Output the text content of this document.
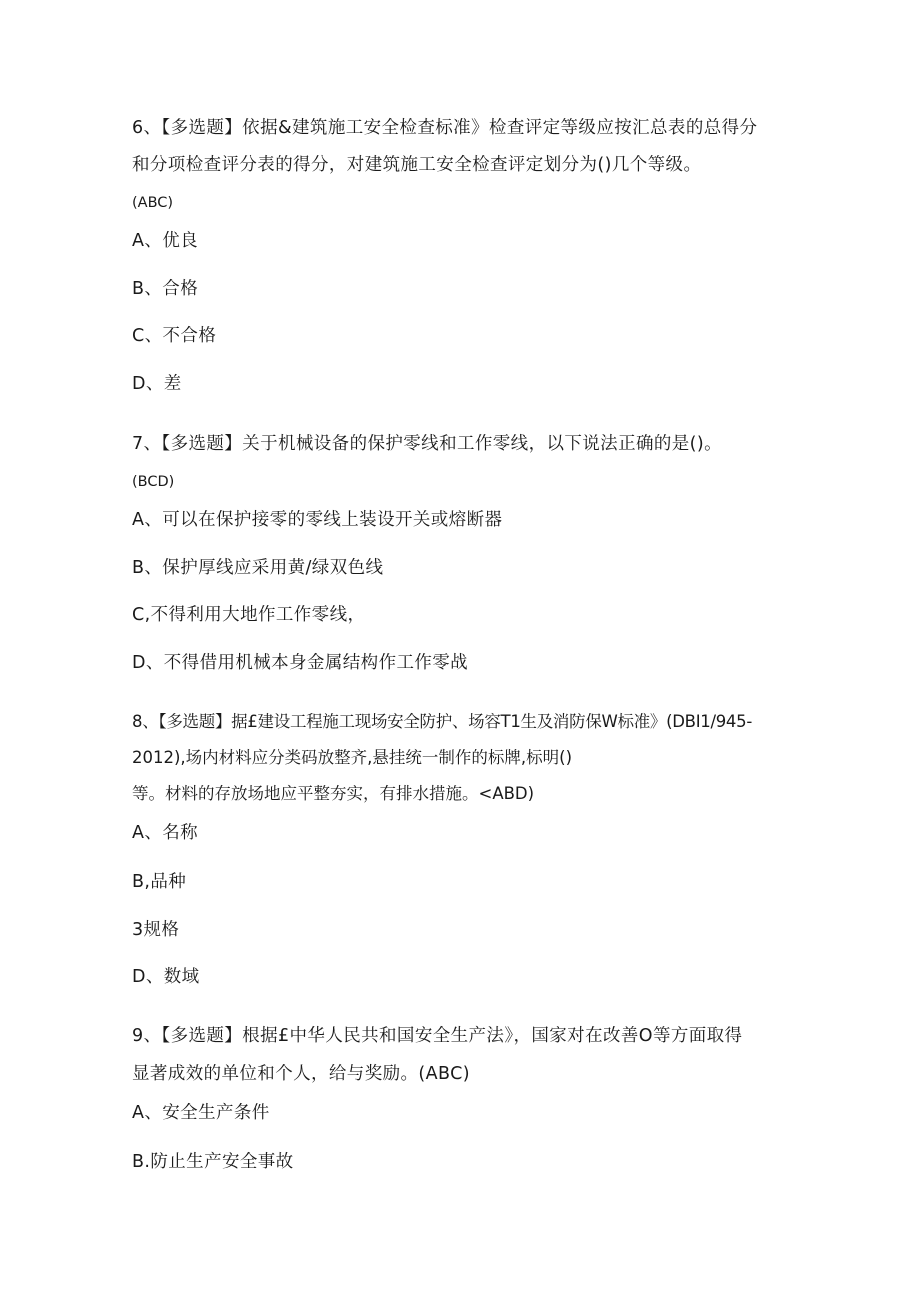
6、【多选题】依据&建筑施工安全检查标准》检查评定等级应按汇总表的总得分
和分项检查评分表的得分，对建筑施工安全检查评定划分为()几个等级。
(ABC)
A、优良
B、合格
C、不合格
D、差
7、【多选题】关于机械设备的保护零线和工作零线，以下说法正确的是()。
(BCD)
A、可以在保护接零的零线上装设开关或熔断器
B、保护厚线应采用黄/绿双色线
C,不得利用大地作工作零线，
D、不得借用机械本身金属结构作工作零战
8、【多选题】据£建设工程施工现场安全防护、场容T1生及消防保W标准》(DBI1/945-
2012),场内材料应分类码放整齐,悬挂统一制作的标牌,标明()
等。材料的存放场地应平整夯实，有排水措施。<ABD)
A、名称
B,品种
3规格
D、数域
9、【多选题】根据£中华人民共和国安全生产法》，国家对在改善O等方面取得
显著成效的单位和个人，给与奖励。(ABC)
A、安全生产条件
B.防止生产安全事故
